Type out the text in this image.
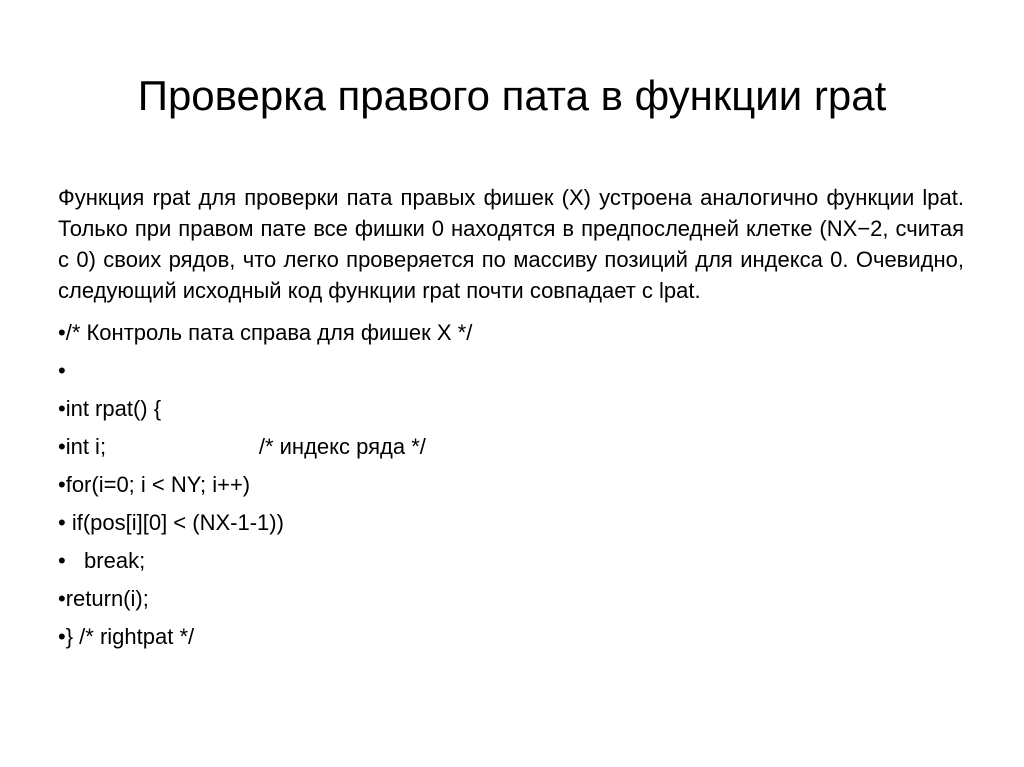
Проверка правого пата в функции rpat

Функция rpat для проверки пата правых фишек (X) устроена аналогично функции lpat. Только при правом пате все фишки 0 находятся в предпоследней клетке (NX−2, считая с 0) своих рядов, что легко проверяется по массиву позиций для индекса 0. Очевидно, следующий исходный код функции rpat почти совпадает с lpat.

•/* Контроль пата справа для фишек X */
•
•int rpat() {
•int i;                         /* индекс ряда */
•for(i=0; i < NY; i++)
• if(pos[i][0] < (NX-1-1))
•   break;
•return(i);
•} /* rightpat */
